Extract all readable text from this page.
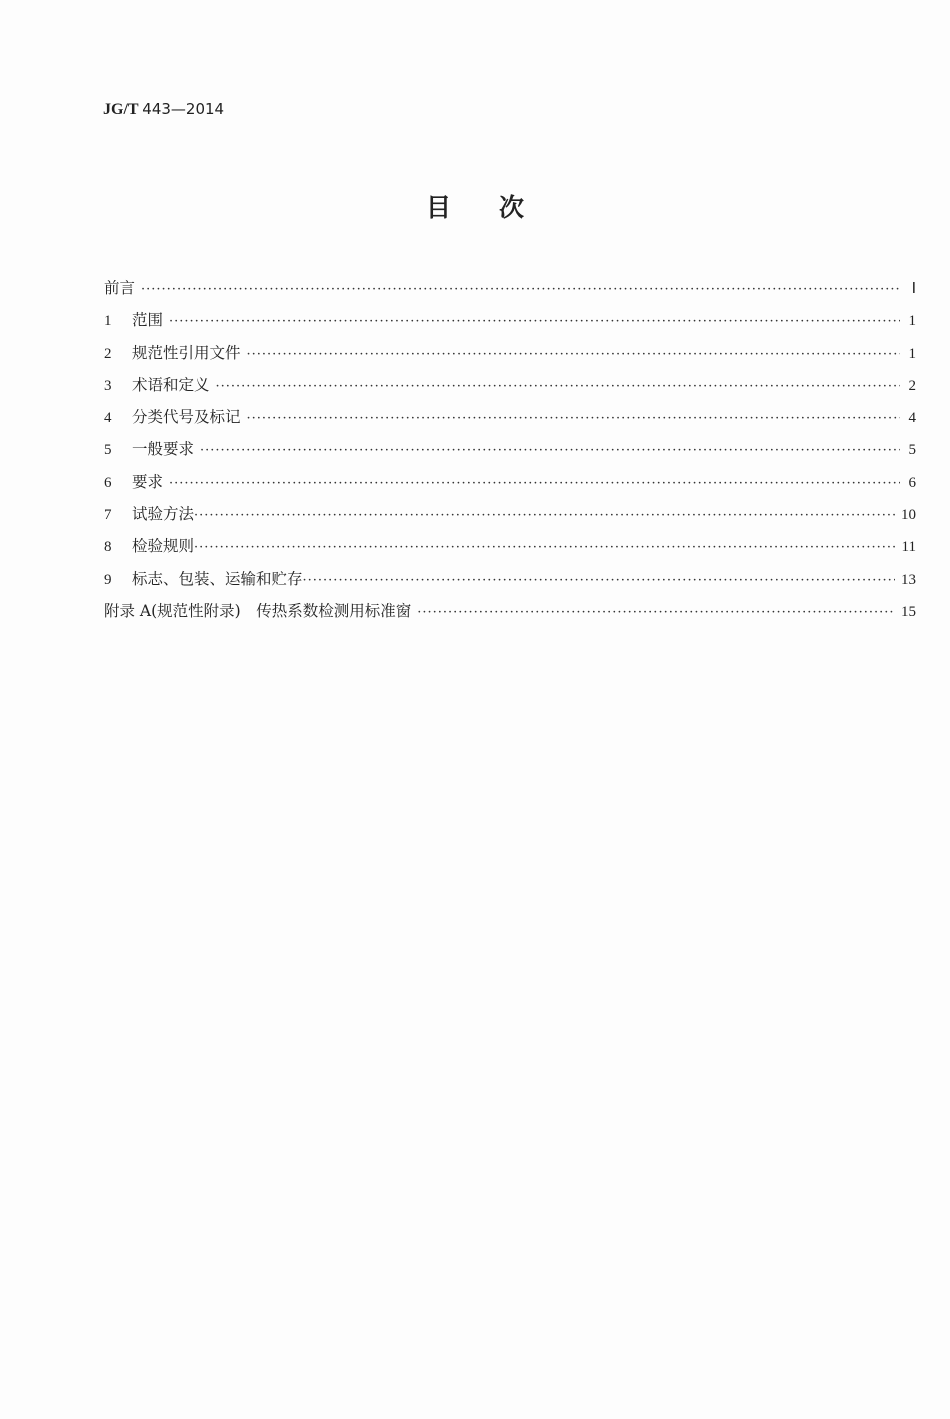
JG/T 443—2014
目次
前言 ·····	Ⅰ
1	范围 ·····	1
2	规范性引用文件 ·····	1
3	术语和定义 ·····	2
4	分类代号及标记 ·····	4
5	一般要求 ·····	5
6	要求 ·····	6
7	试验方法 ·····	10
8	检验规则 ·····	11
9	标志、包装、运输和贮存 ·····	13
附录 A(规范性附录)　传热系数检测用标准窗 ·····	15
